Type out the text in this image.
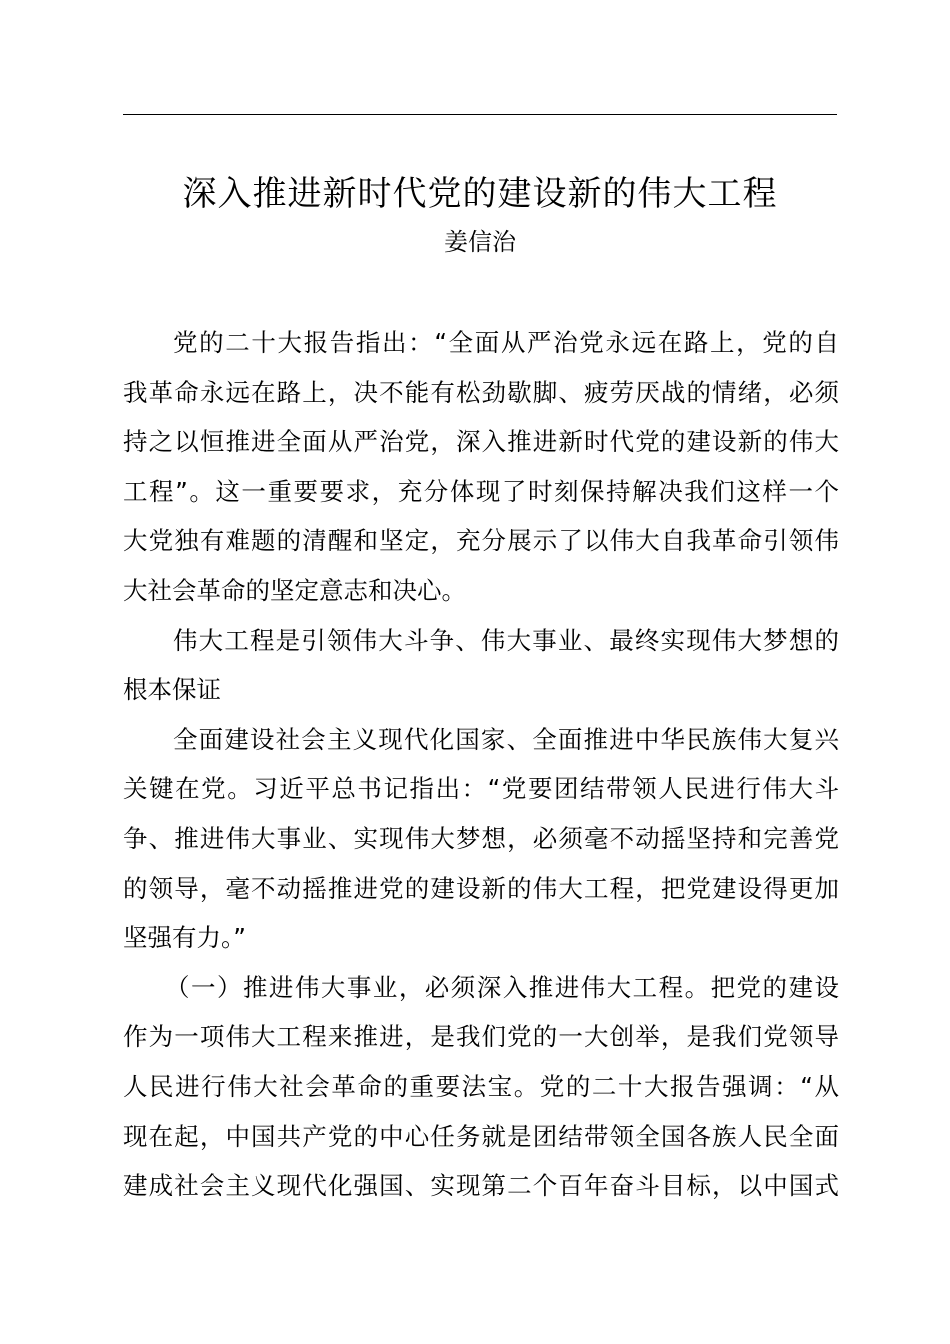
深入推进新时代党的建设新的伟大工程
姜信治
党的二十大报告指出：“全面从严治党永远在路上，党的自
我革命永远在路上，决不能有松劲歇脚、疲劳厌战的情绪，必须
持之以恒推进全面从严治党，深入推进新时代党的建设新的伟大
工程”。这一重要要求，充分体现了时刻保持解决我们这样一个
大党独有难题的清醒和坚定，充分展示了以伟大自我革命引领伟
大社会革命的坚定意志和决心。
伟大工程是引领伟大斗争、伟大事业、最终实现伟大梦想的
根本保证
全面建设社会主义现代化国家、全面推进中华民族伟大复兴
关键在党。习近平总书记指出：“党要团结带领人民进行伟大斗
争、推进伟大事业、实现伟大梦想，必须毫不动摇坚持和完善党
的领导，毫不动摇推进党的建设新的伟大工程，把党建设得更加
坚强有力。”
（一）推进伟大事业，必须深入推进伟大工程。把党的建设
作为一项伟大工程来推进，是我们党的一大创举，是我们党领导
人民进行伟大社会革命的重要法宝。党的二十大报告强调：“从
现在起，中国共产党的中心任务就是团结带领全国各族人民全面
建成社会主义现代化强国、实现第二个百年奋斗目标，以中国式
